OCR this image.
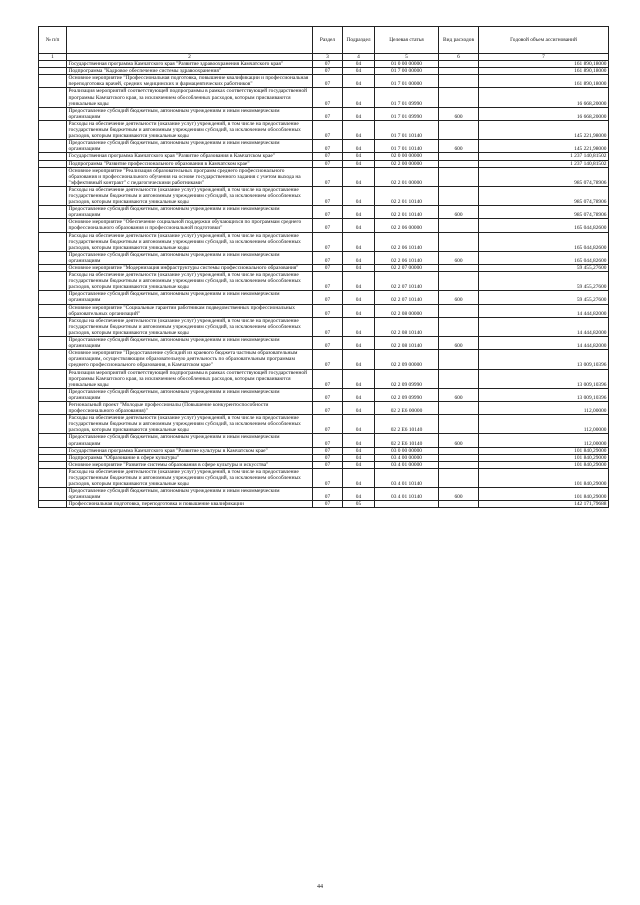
№ п/п		Раздел	Подраздел	Целевая статья	Вид расходов	Годовой объем ассигнований
1	2	3	4	5	6	7
	Государственная программа Камчатского края "Развитие здравоохранения Камчатского края"	07	04	01 0 00 00000		161 890,18000
	Подпрограмма "Кадровое обеспечение системы здравоохранения"	07	04	01 7 00 00000		161 890,18000
	Основное мероприятие "Профессиональная подготовка, повышение квалификации и профессиональная переподготовка врачей, средних медицинских и фармацевтических работников"	07	04	01 7 01 00000		161 890,18000
	Реализация мероприятий соответствующей подпрограммы в рамках соответствующей государственной программы Камчатского края, за исключением обособленных расходов, которым присваиваются уникальные коды	07	04	01 7 01 09990		16 668,20000
	Предоставление субсидий бюджетным, автономным учреждениям и иным некоммерческим организациям	07	04	01 7 01 09990	600	16 668,20000
	Расходы на обеспечение деятельности (оказание услуг) учреждений, в том числе на предоставление государственным бюджетным и автономным учреждениям субсидий, за исключением обособленных расходов, которым присваиваются уникальные коды	07	04	01 7 01 10140		145 221,98000
	Предоставление субсидий бюджетным, автономным учреждениям и иным некоммерческим организациям	07	04	01 7 01 10140	600	145 221,98000
	Государственная программа Камчатского края "Развитие образования в Камчатском крае"	07	04	02 0 00 00000		1 237 140,81502
	Подпрограмма "Развитие профессионального образования в Камчатском крае"	07	04	02 2 00 00000		1 237 140,81502
	Основное мероприятие "Реализация образовательных программ среднего профессионального образования и профессионального обучения на основе государственного задания с учетом выхода на "эффективный контракт" с педагогическими работниками"	07	04	02 2 01 00000		985 074,78906
	Расходы на обеспечение деятельности (оказание услуг) учреждений, в том числе на предоставление государственным бюджетным и автономным учреждениям субсидий, за исключением обособленных расходов, которым присваиваются уникальные коды	07	04	02 2 01 10140		985 074,78906
	Предоставление субсидий бюджетным, автономным учреждениям и иным некоммерческим организациям	07	04	02 2 01 10140	600	985 074,78906
	Основное мероприятие "Обеспечение социальной поддержки обучающихся по программам среднего профессионального образования и профессиональной подготовки"	07	04	02 2 06 00000		165 044,82600
	Расходы на обеспечение деятельности (оказание услуг) учреждений, в том числе на предоставление государственным бюджетным и автономным учреждениям субсидий, за исключением обособленных расходов, которым присваиваются уникальные коды	07	04	02 2 06 10140		165 044,82600
	Предоставление субсидий бюджетным, автономным учреждениям и иным некоммерческим организациям	07	04	02 2 06 10140	600	165 044,82600
	Основное мероприятие "Модернизация инфраструктуры системы профессионального образования"	07	04	02 2 07 00000		59 455,27600
	Расходы на обеспечение деятельности (оказание услуг) учреждений, в том числе на предоставление государственным бюджетным и автономным учреждениям субсидий, за исключением обособленных расходов, которым присваиваются уникальные коды	07	04	02 2 07 10140		59 455,27600
	Предоставление субсидий бюджетным, автономным учреждениям и иным некоммерческим организациям	07	04	02 2 07 10140	600	59 455,27600
	Основное мероприятие "Социальные гарантии работникам подведомственных профессиональных образовательных организаций"	07	04	02 2 08 00000		14 444,82000
	Расходы на обеспечение деятельности (оказание услуг) учреждений, в том числе на предоставление государственным бюджетным и автономным учреждениям субсидий, за исключением обособленных расходов, которым присваиваются уникальные коды	07	04	02 2 08 10140		14 444,82000
	Предоставление субсидий бюджетным, автономным учреждениям и иным некоммерческим организациям	07	04	02 2 08 10140	600	14 444,82000
	Основное мероприятие "Предоставление субсидий из краевого бюджета частным образовательным организациям, осуществляющим образовательную деятельность по образовательным программам среднего профессионального образования, в Камчатском крае"	07	04	02 2 09 00000		13 009,10396
	Реализация мероприятий соответствующей подпрограммы в рамках соответствующей государственной программы Камчатского края, за исключением обособленных расходов, которым присваиваются уникальные коды	07	04	02 2 09 09990		13 009,10396
	Предоставление субсидий бюджетным, автономным учреждениям и иным некоммерческим организациям	07	04	02 2 09 09990	600	13 009,10396
	Региональный проект "Молодые профессионалы (Повышение конкурентоспособности профессионального образования)"	07	04	02 2 Е6 00000		112,00000
	Расходы на обеспечение деятельности (оказание услуг) учреждений, в том числе на предоставление государственным бюджетным и автономным учреждениям субсидий, за исключением обособленных расходов, которым присваиваются уникальные коды	07	04	02 2 Е6 10140		112,00000
	Предоставление субсидий бюджетным, автономным учреждениям и иным некоммерческим организациям	07	04	02 2 Е6 10140	600	112,00000
	Государственная программа Камчатского края "Развитие культуры в Камчатском крае"	07	04	03 0 00 00000		101 840,29000
	Подпрограмма "Образование в сфере культуры"	07	04	03 4 00 00000		101 840,29000
	Основное мероприятие "Развитие системы образования в сфере культуры и искусства"	07	04	03 4 01 00000		101 840,29000
	Расходы на обеспечение деятельности (оказание услуг) учреждений, в том числе на предоставление государственным бюджетным и автономным учреждениям субсидий, за исключением обособленных расходов, которым присваиваются уникальные коды	07	04	03 4 01 10140		101 840,29000
	Предоставление субсидий бюджетным, автономным учреждениям и иным некоммерческим организациям	07	04	03 4 01 10140	600	101 840,29000
	Профессиональная подготовка, переподготовка и повышение квалификации	07	05			142 171,79688
44
